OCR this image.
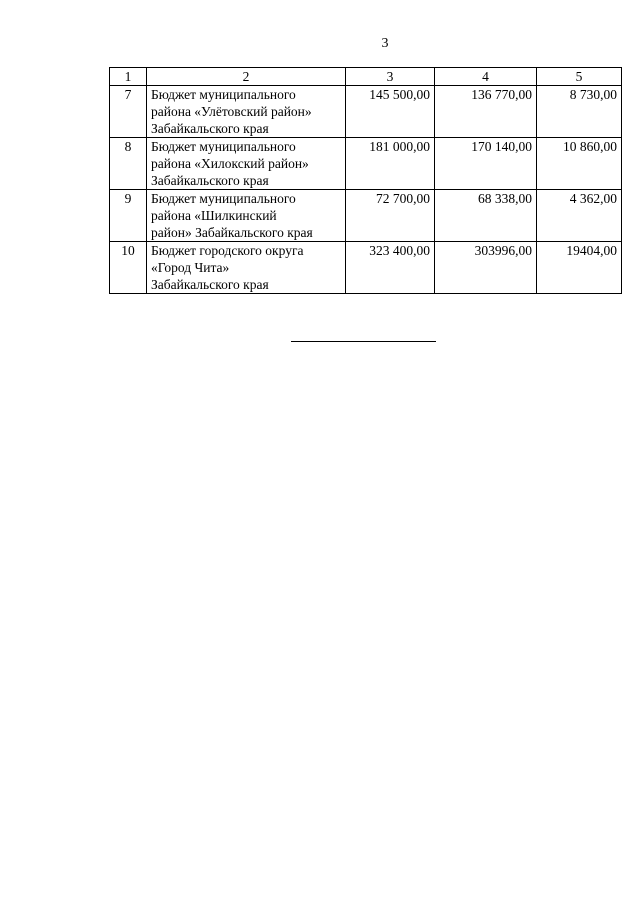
3
1	2	3	4	5
7	Бюджет муниципального
района «Улётовский район»
Забайкальского края	145 500,00	136 770,00	8 730,00
8	Бюджет муниципального
района «Хилокский район»
Забайкальского края	181 000,00	170 140,00	10 860,00
9	Бюджет муниципального
района «Шилкинский
район» Забайкальского края	72 700,00	68 338,00	4 362,00
10	Бюджет городского округа
«Город Чита»
Забайкальского края	323 400,00	303996,00	19404,00
